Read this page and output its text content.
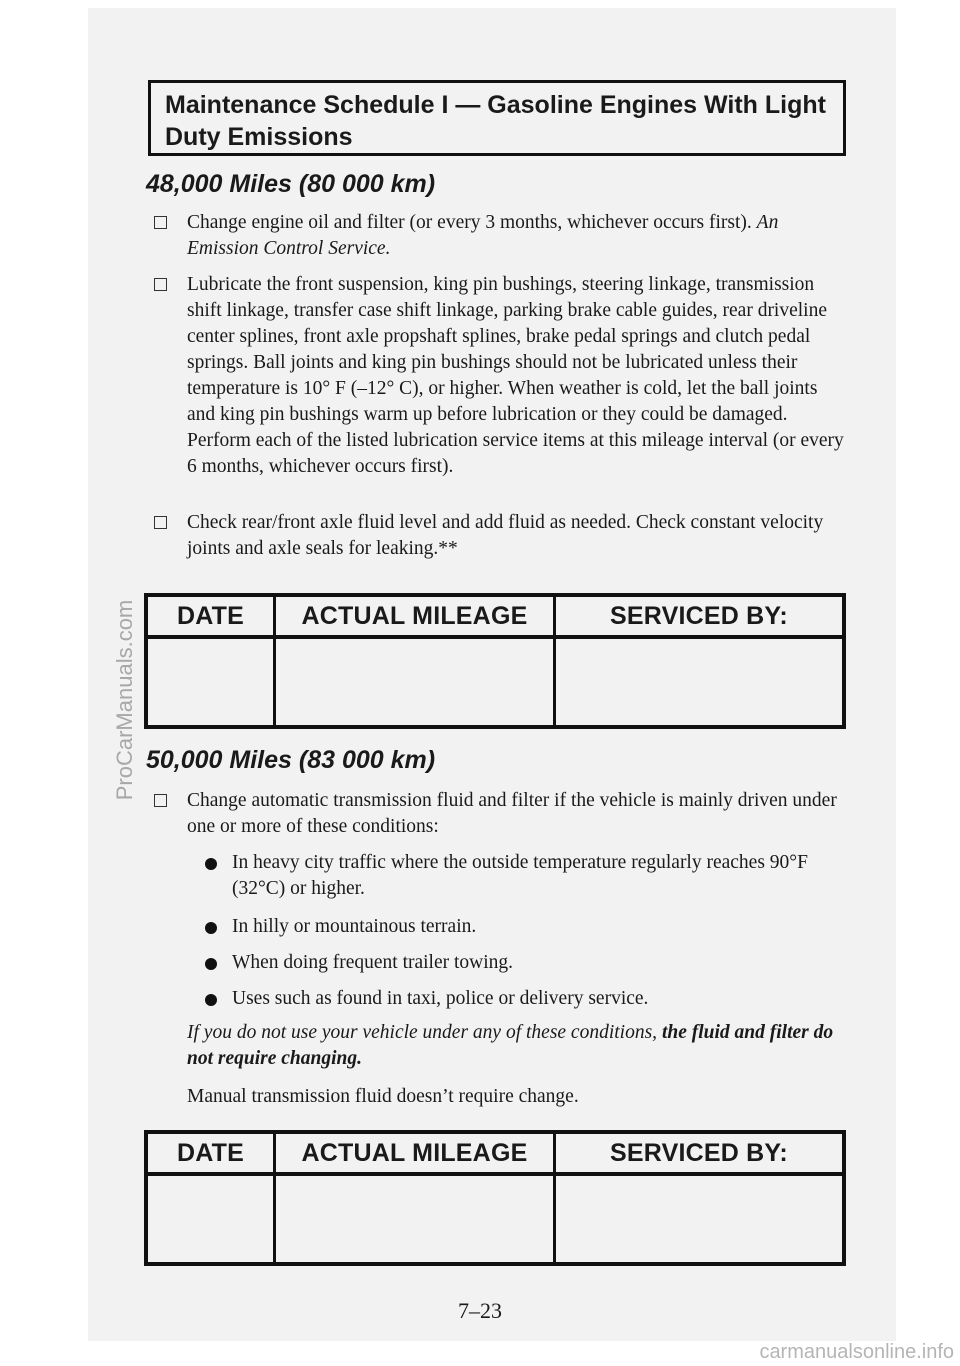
ProCarManuals.com
Maintenance Schedule I — Gasoline Engines With Light Duty Emissions
48,000 Miles (80 000 km)
Change engine oil and filter (or every 3 months, whichever occurs first). An Emission Control Service.
Lubricate the front suspension, king pin bushings, steering linkage, transmission shift linkage, transfer case shift linkage, parking brake cable guides, rear driveline center splines, front axle propshaft splines, brake pedal springs and clutch pedal springs. Ball joints and king pin bushings should not be lubricated unless their temperature is 10° F (–12° C), or higher. When weather is cold, let the ball joints and king pin bushings warm up before lubrication or they could be damaged. Perform each of the listed lubrication service items at this mileage interval (or every 6 months, whichever occurs first).
Check rear/front axle fluid level and add fluid as needed. Check constant velocity joints and axle seals for leaking.**
DATE	ACTUAL MILEAGE	SERVICED BY:

50,000 Miles (83 000 km)
Change automatic transmission fluid and filter if the vehicle is mainly driven under one or more of these conditions:
In heavy city traffic where the outside temperature regularly reaches 90°F (32°C) or higher.
In hilly or mountainous terrain.
When doing frequent trailer towing.
Uses such as found in taxi, police or delivery service.
If you do not use your vehicle under any of these conditions, the fluid and filter do not require changing.
Manual transmission fluid doesn’t require change.
DATE	ACTUAL MILEAGE	SERVICED BY:

7–23
carmanualsonline.info
